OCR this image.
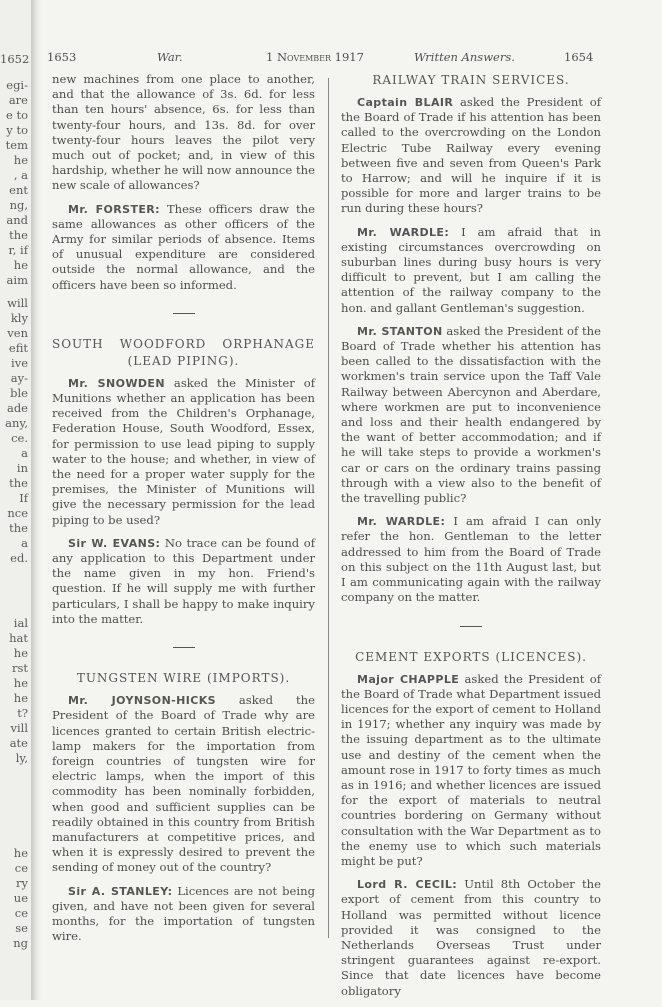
1652
egi-
are
e to
y to
tem
he
, a
ent
ng,
and
the
r, if
he
aim
will
kly
ven
efit
ive
ay-
ble
ade
any,
ce.
a
in
the
If
nce
the
a
ed.
ial
hat
he
rst
he
he
t?
vill
ate
ly,
he
ce
ry
ue
ce
se
ng
1653	War.	1 November 1917	Written Answers.	1654

new machines from one place to another, and that the allowance of 3s. 6d. for less than ten hours' absence, 6s. for less than twenty-four hours, and 13s. 8d. for over twenty-four hours leaves the pilot very much out of pocket; and, in view of this hardship, whether he will now announce the new scale of allowances?

Mr. FORSTER: These officers draw the same allowances as other officers of the Army for similar periods of absence. Items of unusual expenditure are considered outside the normal allowance, and the officers have been so informed.

SOUTH WOODFORD ORPHANAGE
(LEAD PIPING).

Mr. SNOWDEN asked the Minister of Munitions whether an application has been received from the Children's Orphanage, Federation House, South Woodford, Essex, for permission to use lead piping to supply water to the house; and whether, in view of the need for a proper water supply for the premises, the Minister of Munitions will give the necessary permission for the lead piping to be used?

Sir W. EVANS: No trace can be found of any application to this Department under the name given in my hon. Friend's question. If he will supply me with further particulars, I shall be happy to make inquiry into the matter.

TUNGSTEN WIRE (IMPORTS).

Mr. JOYNSON-HICKS asked the President of the Board of Trade why are licences granted to certain British electric-lamp makers for the importation from foreign countries of tungsten wire for electric lamps, when the import of this commodity has been nominally forbidden, when good and sufficient supplies can be readily obtained in this country from British manufacturers at competitive prices, and when it is expressly desired to prevent the sending of money out of the country?

Sir A. STANLEY: Licences are not being given, and have not been given for several months, for the importation of tungsten wire.

RAILWAY TRAIN SERVICES.

Captain BLAIR asked the President of the Board of Trade if his attention has been called to the overcrowding on the London Electric Tube Railway every evening between five and seven from Queen's Park to Harrow; and will he inquire if it is possible for more and larger trains to be run during these hours?

Mr. WARDLE: I am afraid that in existing circumstances overcrowding on suburban lines during busy hours is very difficult to prevent, but I am calling the attention of the railway company to the hon. and gallant Gentleman's suggestion.

Mr. STANTON asked the President of the Board of Trade whether his attention has been called to the dissatisfaction with the workmen's train service upon the Taff Vale Railway between Abercynon and Aberdare, where workmen are put to inconvenience and loss and their health endangered by the want of better accommodation; and if he will take steps to provide a workmen's car or cars on the ordinary trains passing through with a view also to the benefit of the travelling public?

Mr. WARDLE: I am afraid I can only refer the hon. Gentleman to the letter addressed to him from the Board of Trade on this subject on the 11th August last, but I am communicating again with the railway company on the matter.

CEMENT EXPORTS (LICENCES).

Major CHAPPLE asked the President of the Board of Trade what Department issued licences for the export of cement to Holland in 1917; whether any inquiry was made by the issuing department as to the ultimate use and destiny of the cement when the amount rose in 1917 to forty times as much as in 1916; and whether licences are issued for the export of materials to neutral countries bordering on Germany without consultation with the War Department as to the enemy use to which such materials might be put?

Lord R. CECIL: Until 8th October the export of cement from this country to Holland was permitted without licence provided it was consigned to the Netherlands Overseas Trust under stringent guarantees against re-export. Since that date licences have become obligatory
